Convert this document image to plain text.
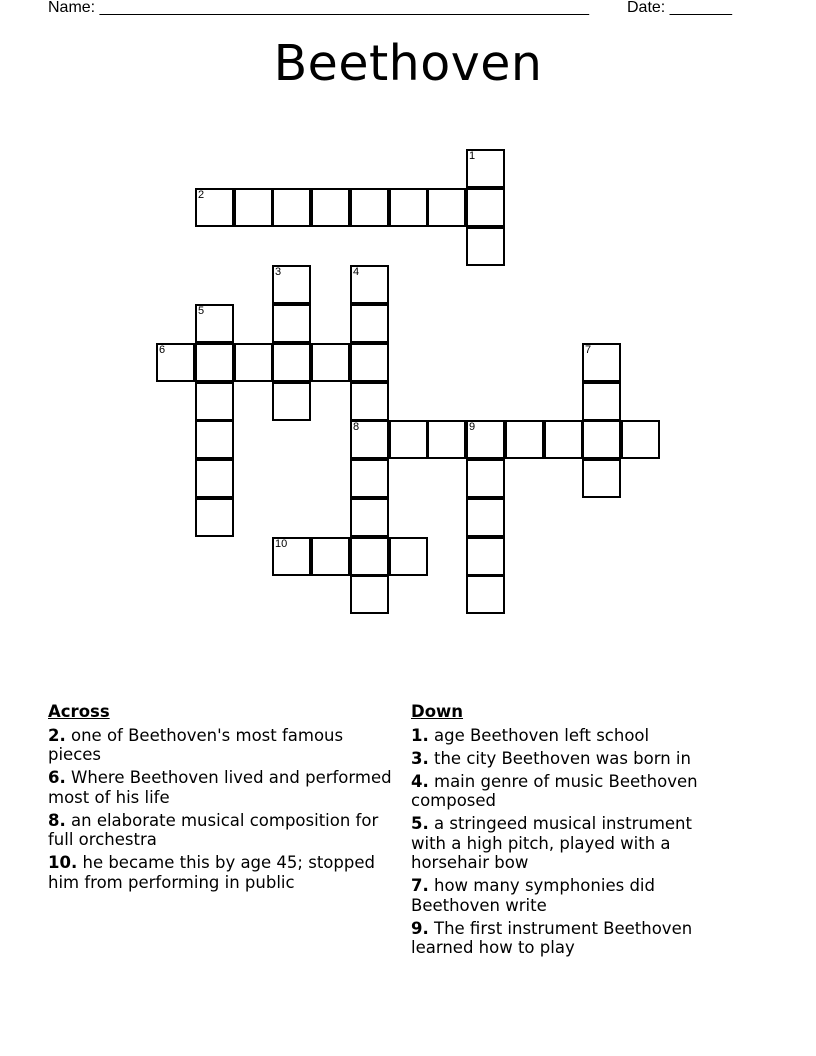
Name: _______________________________________________________ Date: _______
Beethoven
1
2
3	4
5
6	7
8	9
10
Across
2. one of Beethoven's most famous pieces
6. Where Beethoven lived and performed most of his life
8. an elaborate musical composition for full orchestra
10. he became this by age 45; stopped him from performing in public
Down
1. age Beethoven left school
3. the city Beethoven was born in
4. main genre of music Beethoven composed
5. a stringeed musical instrument with a high pitch, played with a horsehair bow
7. how many symphonies did Beethoven write
9. The first instrument Beethoven learned how to play
